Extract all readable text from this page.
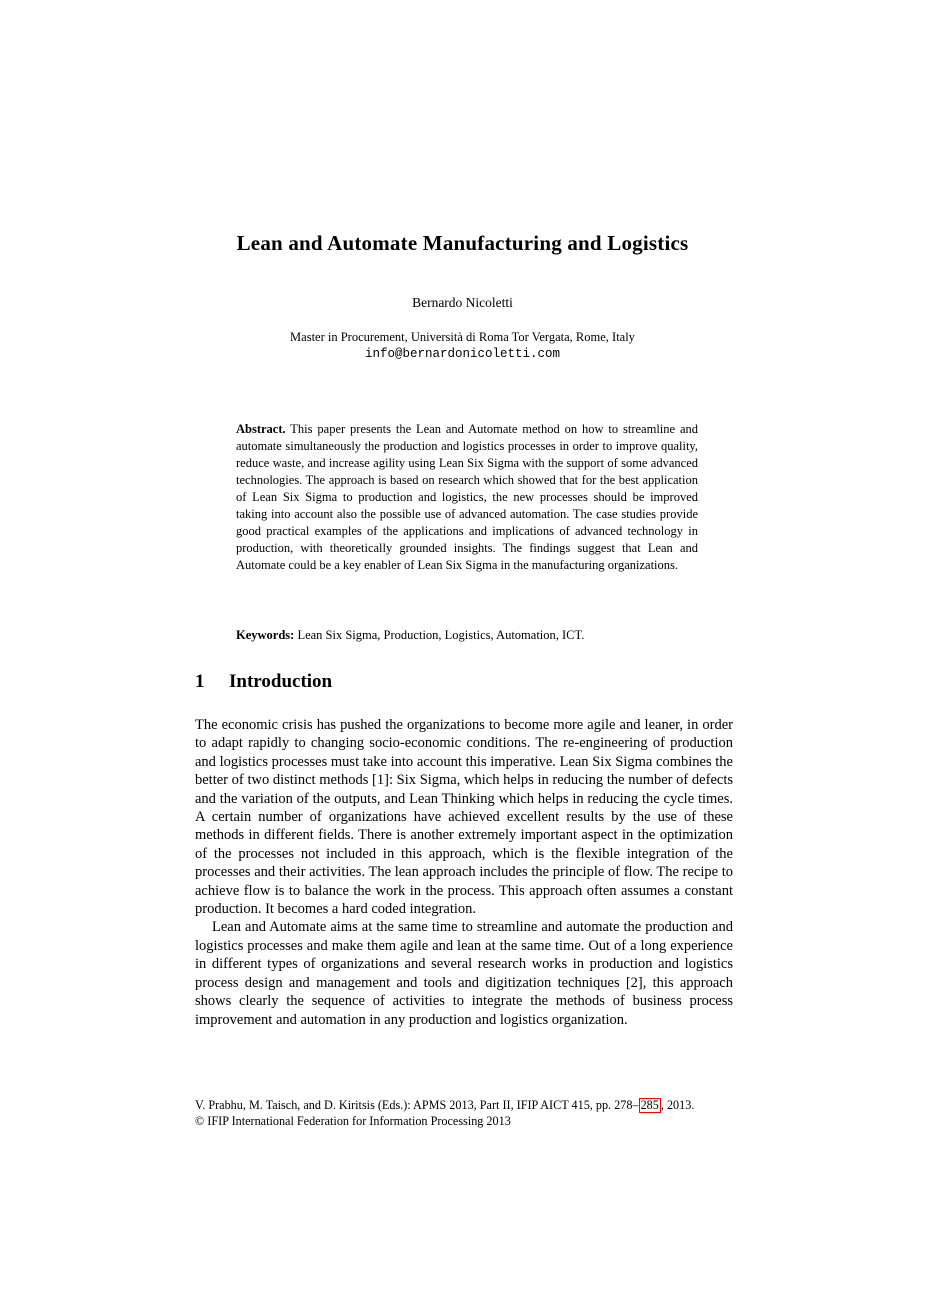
Lean and Automate Manufacturing and Logistics
Bernardo Nicoletti
Master in Procurement, Università di Roma Tor Vergata, Rome, Italy
info@bernardonicoletti.com

Abstract. This paper presents the Lean and Automate method on how to streamline and automate simultaneously the production and logistics processes in order to improve quality, reduce waste, and increase agility using Lean Six Sigma with the support of some advanced technologies. The approach is based on research which showed that for the best application of Lean Six Sigma to production and logistics, the new processes should be improved taking into account also the possible use of advanced automation. The case studies provide good practical examples of the applications and implications of advanced technology in production, with theoretically grounded insights. The findings suggest that Lean and Automate could be a key enabler of Lean Six Sigma in the manufacturing organizations.

Keywords: Lean Six Sigma, Production, Logistics, Automation, ICT.

1 Introduction

The economic crisis has pushed the organizations to become more agile and leaner, in order to adapt rapidly to changing socio-economic conditions. The re-engineering of production and logistics processes must take into account this imperative. Lean Six Sigma combines the better of two distinct methods [1]: Six Sigma, which helps in reducing the number of defects and the variation of the outputs, and Lean Thinking which helps in reducing the cycle times. A certain number of organizations have achieved excellent results by the use of these methods in different fields. There is another extremely important aspect in the optimization of the processes not included in this approach, which is the flexible integration of the processes and their activities. The lean approach includes the principle of flow. The recipe to achieve flow is to balance the work in the process. This approach often assumes a constant production. It becomes a hard coded integration.

Lean and Automate aims at the same time to streamline and automate the production and logistics processes and make them agile and lean at the same time. Out of a long experience in different types of organizations and several research works in production and logistics process design and management and tools and digitization techniques [2], this approach shows clearly the sequence of activities to integrate the methods of business process improvement and automation in any production and logistics organization.

V. Prabhu, M. Taisch, and D. Kiritsis (Eds.): APMS 2013, Part II, IFIP AICT 415, pp. 278– 285 , 2013.
© IFIP International Federation for Information Processing 2013
